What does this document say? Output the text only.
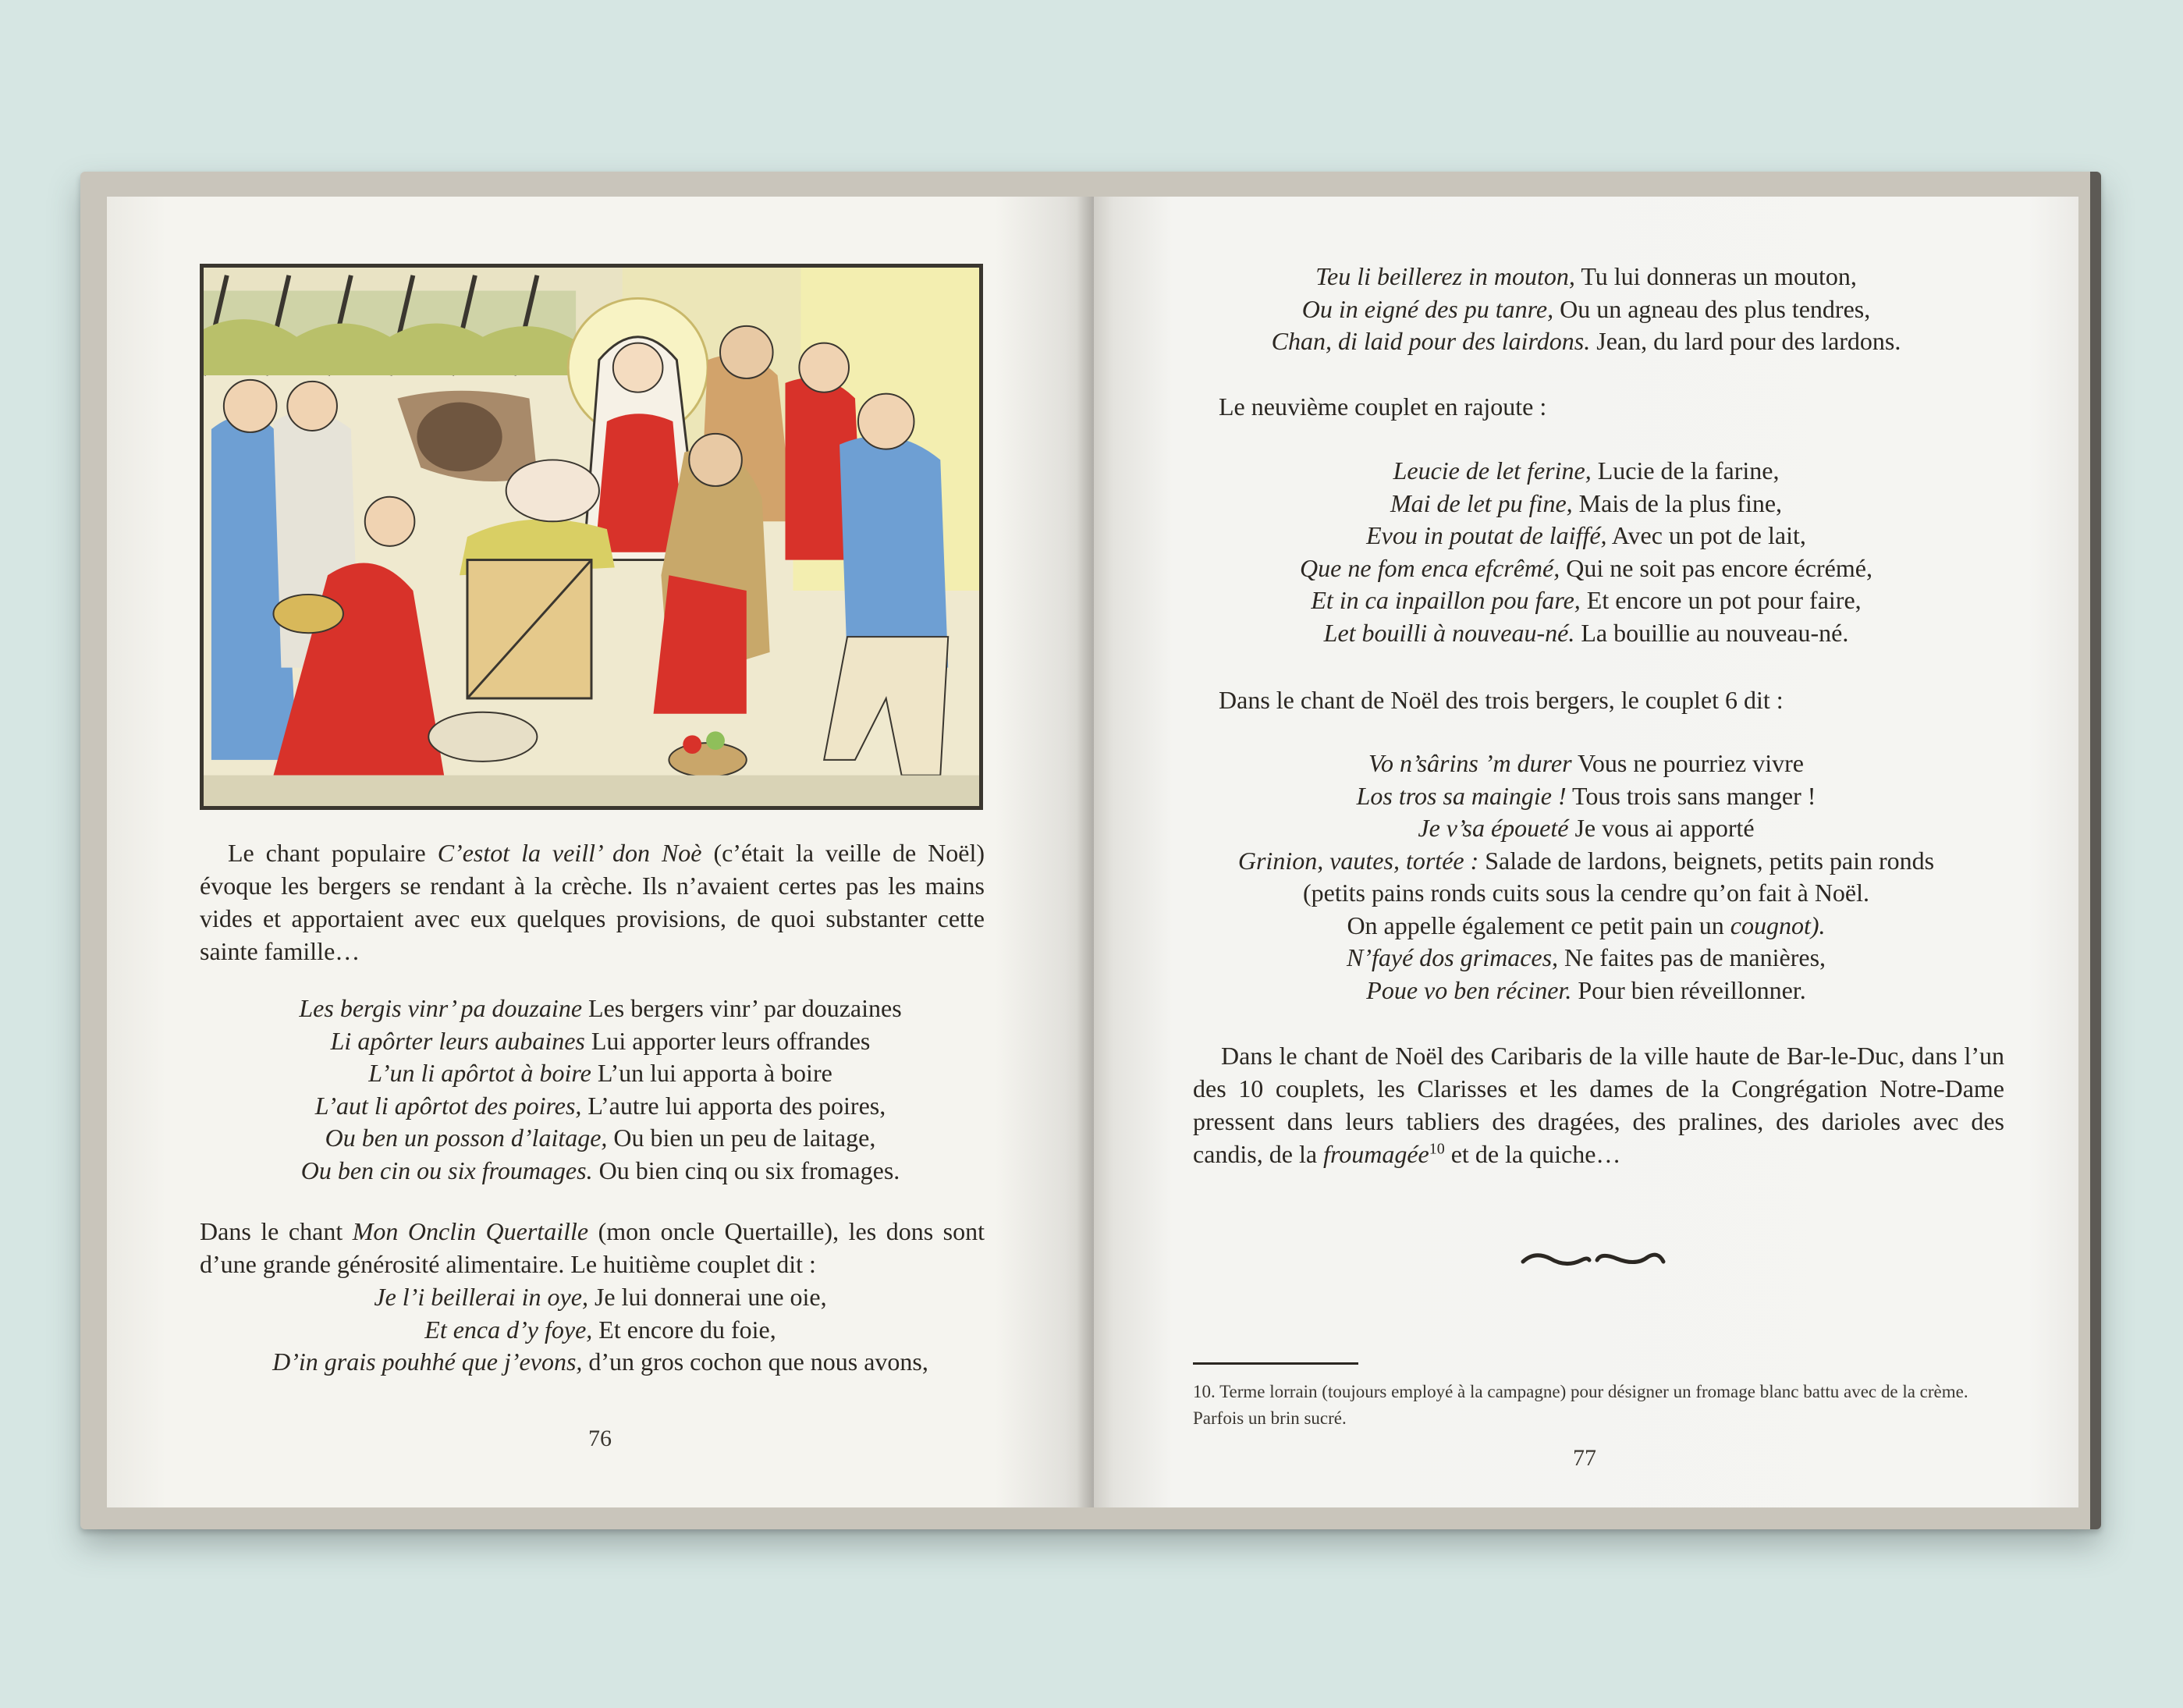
Le chant populaire C’estot la veill’ don Noè (c’était la veille de Noël) évoque les bergers se rendant à la crèche. Ils n’avaient certes pas les mains vides et apportaient avec eux quelques provisions, de quoi substanter cette sainte famille…

Les bergis vinr’ pa douzaine Les bergers vinr’ par douzaines
Li apôrter leurs aubaines Lui apporter leurs offrandes
L’un li apôrtot à boire L’un lui apporta à boire
L’aut li apôrtot des poires, L’autre lui apporta des poires,
Ou ben un posson d’laitage, Ou bien un peu de laitage,
Ou ben cin ou six froumages. Ou bien cinq ou six fromages.

Dans le chant Mon Onclin Quertaille (mon oncle Quertaille), les dons sont d’une grande générosité alimentaire. Le huitième couplet dit :

Je l’i beillerai in oye, Je lui donnerai une oie,
Et enca d’y foye, Et encore du foie,
D’in grais pouhhé que j’evons, d’un gros cochon que nous avons,
76
Teu li beillerez in mouton, Tu lui donneras un mouton,
Ou in eigné des pu tanre, Ou un agneau des plus tendres,
Chan, di laid pour des lairdons. Jean, du lard pour des lardons.
Le neuvième couplet en rajoute :
Leucie de let ferine, Lucie de la farine,
Mai de let pu fine, Mais de la plus fine,
Evou in poutat de laiffé, Avec un pot de lait,
Que ne fom enca efcrêmé, Qui ne soit pas encore écrémé,
Et in ca inpaillon pou fare, Et encore un pot pour faire,
Let bouilli à nouveau-né. La bouillie au nouveau-né.
Dans le chant de Noël des trois bergers, le couplet 6 dit :
Vo n’sârins ’m durer Vous ne pourriez vivre
Los tros sa maingie ! Tous trois sans manger !
Je v’sa époueté Je vous ai apporté
Grinion, vautes, tortée : Salade de lardons, beignets, petits pain ronds
(petits pains ronds cuits sous la cendre qu’on fait à Noël.
On appelle également ce petit pain un cougnot).
N’fayé dos grimaces, Ne faites pas de manières,
Poue vo ben réciner. Pour bien réveillonner.

Dans le chant de Noël des Caribaris de la ville haute de Bar-le-Duc, dans l’un des 10 couplets, les Clarisses et les dames de la Congrégation Notre-Dame pressent dans leurs tabliers des dragées, des pralines, des darioles avec des candis, de la froumagée$^{10}$ et de la quiche…

10. Terme lorrain (toujours employé à la campagne) pour désigner un fromage blanc battu avec de la crème. Parfois un brin sucré.
77
